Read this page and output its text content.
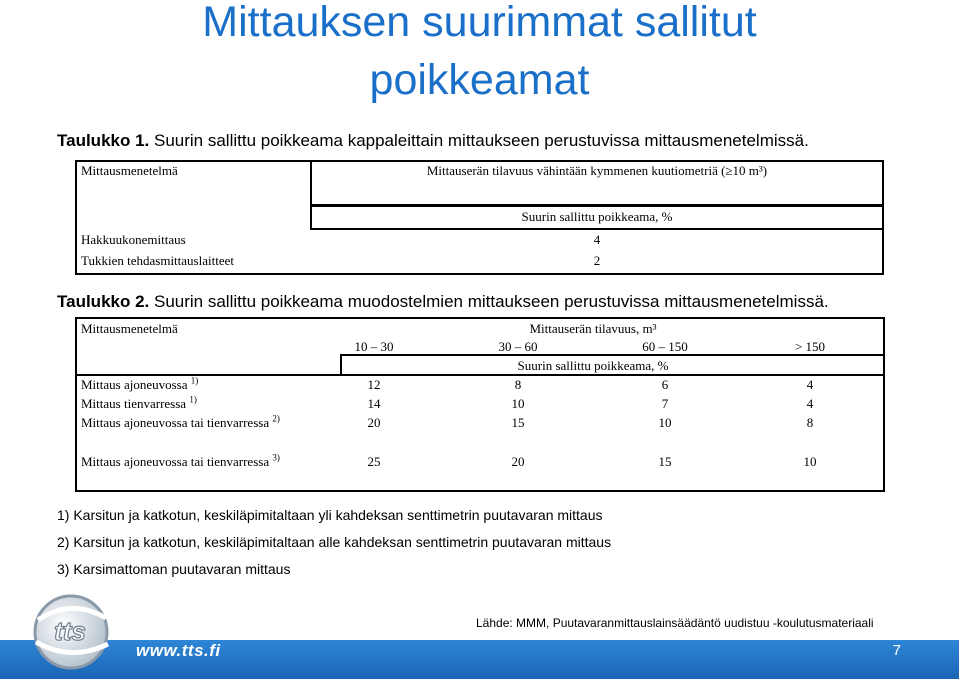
Mittauksen suurimmat sallitut
poikkeamat
Taulukko 1. Suurin sallittu poikkeama kappaleittain mittaukseen perustuvissa mittausmenetelmissä.
Mittausmenetelmä	Mittauserän tilavuus vähintään kymmenen kuutiometriä (≥10 m³)
Suurin sallittu poikkeama, %
Hakkuukonemittaus	4
Tukkien tehdasmittauslaitteet	2
Taulukko 2. Suurin sallittu poikkeama muodostelmien mittaukseen perustuvissa mittausmenetelmissä.
Mittausmenetelmä	Mittauserän tilavuus, m³
10 – 30	30 – 60	60 – 150	> 150
Suurin sallittu poikkeama, %
Mittaus ajoneuvossa $^{1)}$	12	8	6	4
Mittaus tienvarressa $^{1)}$	14	10	7	4
Mittaus ajoneuvossa tai tienvarressa $^{2)}$	20	15	10	8
Mittaus ajoneuvossa tai tienvarressa $^{3)}$	25	20	15	10
1) Karsitun ja katkotun, keskiläpimitaltaan yli kahdeksan senttimetrin puutavaran mittaus
2) Karsitun ja katkotun, keskiläpimitaltaan alle kahdeksan senttimetrin puutavaran mittaus
3) Karsimattoman puutavaran mittaus
Lähde: MMM, Puutavaranmittauslainsäädäntö uudistuu -koulutusmateriaali
www.tts.fi	7
tts
